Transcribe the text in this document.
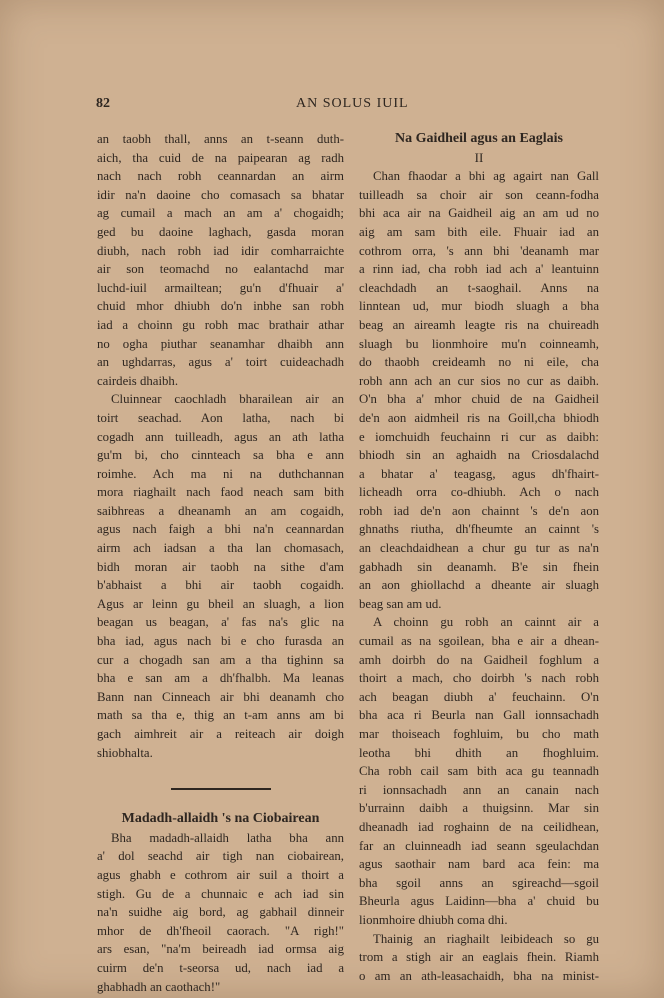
82	AN SOLUS IUIL

an taobh thall, anns an t-seann duth-
aich, tha cuid de na paipearan ag radh
nach nach robh ceannardan an airm
idir na'n daoine cho comasach sa bhatar
ag cumail a mach an am a' chogaidh;
ged bu daoine laghach, gasda moran
diubh, nach robh iad idir comharraichte
air son teomachd no ealantachd mar
luchd-iuil armailtean; gu'n d'fhuair a'
chuid mhor dhiubh do'n inbhe san robh
iad a choinn gu robh mac brathair athar
no ogha piuthar seanamhar dhaibh ann
an ughdarras, agus a' toirt cuideachadh
cairdeis dhaibh.

Cluinnear caochladh bharailean air an
toirt seachad. Aon latha, nach bi
cogadh ann tuilleadh, agus an ath latha
gu'm bi, cho cinnteach sa bha e ann
roimhe. Ach ma ni na duthchannan
mora riaghailt nach faod neach sam bith
saibhreas a dheanamh an am cogaidh,
agus nach faigh a bhi na'n ceannardan
airm ach iadsan a tha lan chomasach,
bidh moran air taobh na sithe d'am
b'abhaist a bhi air taobh cogaidh.
Agus ar leinn gu bheil an sluagh, a lion
beagan us beagan, a' fas na's glic na
bha iad, agus nach bi e cho furasda an
cur a chogadh san am a tha tighinn sa
bha e san am a dh'fhalbh. Ma leanas
Bann nan Cinneach air bhi deanamh cho
math sa tha e, thig an t-am anns am bi
gach aimhreit air a reiteach air doigh
shiobhalta.

Madadh-allaidh 's na Ciobairean

Bha madadh-allaidh latha bha ann
a' dol seachd air tigh nan ciobairean,
agus ghabh e cothrom air suil a thoirt a
stigh. Gu de a chunnaic e ach iad sin
na'n suidhe aig bord, ag gabhail dinneir
mhor de dh'fheoil caorach. "A righ!"
ars esan, "na'm beireadh iad ormsa aig
cuirm de'n t-seorsa ud, nach iad a
ghabhadh an caothach!"

Na Gaidheil agus an Eaglais

II

Chan fhaodar a bhi ag agairt nan Gall
tuilleadh sa choir air son ceann-fodha
bhi aca air na Gaidheil aig an am ud no
aig am sam bith eile. Fhuair iad an
cothrom orra, 's ann bhi 'deanamh mar
a rinn iad, cha robh iad ach a' leantuinn
cleachdadh an t-saoghail. Anns na
linntean ud, mur biodh sluagh a bha
beag an aireamh leagte ris na chuireadh
sluagh bu lionmhoire mu'n coinneamh,
do thaobh creideamh no ni eile, cha
robh ann ach an cur sios no cur as daibh.
O'n bha a' mhor chuid de na Gaidheil
de'n aon aidmheil ris na Goill,cha bhiodh
e iomchuidh feuchainn ri cur as daibh:
bhiodh sin an aghaidh na Criosdalachd
a bhatar a' teagasg, agus dh'fhairt-
licheadh orra co-dhiubh. Ach o nach
robh iad de'n aon chainnt 's de'n aon
ghnaths riutha, dh'fheumte an cainnt 's
an cleachdaidhean a chur gu tur as na'n
gabhadh sin deanamh. B'e sin fhein
an aon ghiollachd a dheante air sluagh
beag san am ud.

A choinn gu robh an cainnt air a
cumail as na sgoilean, bha e air a dhean-
amh doirbh do na Gaidheil foghlum a
thoirt a mach, cho doirbh 's nach robh
ach beagan diubh a' feuchainn. O'n
bha aca ri Beurla nan Gall ionnsachadh
mar thoiseach foghluim, bu cho math
leotha bhi dhith an fhoghluim.
Cha robh cail sam bith aca gu teannadh
ri ionnsachadh ann an canain nach
b'urrainn daibh a thuigsinn. Mar sin
dheanadh iad roghainn de na ceilidhean,
far an cluinneadh iad seann sgeulachdan
agus saothair nam bard aca fein: ma
bha sgoil anns an sgireachd—sgoil
Bheurla agus Laidinn—bha a' chuid bu
lionmhoire dhiubh coma dhi.

Thainig an riaghailt leibideach so gu
trom a stigh air an eaglais fhein. Riamh
o am an ath-leasachaidh, bha na minist-
